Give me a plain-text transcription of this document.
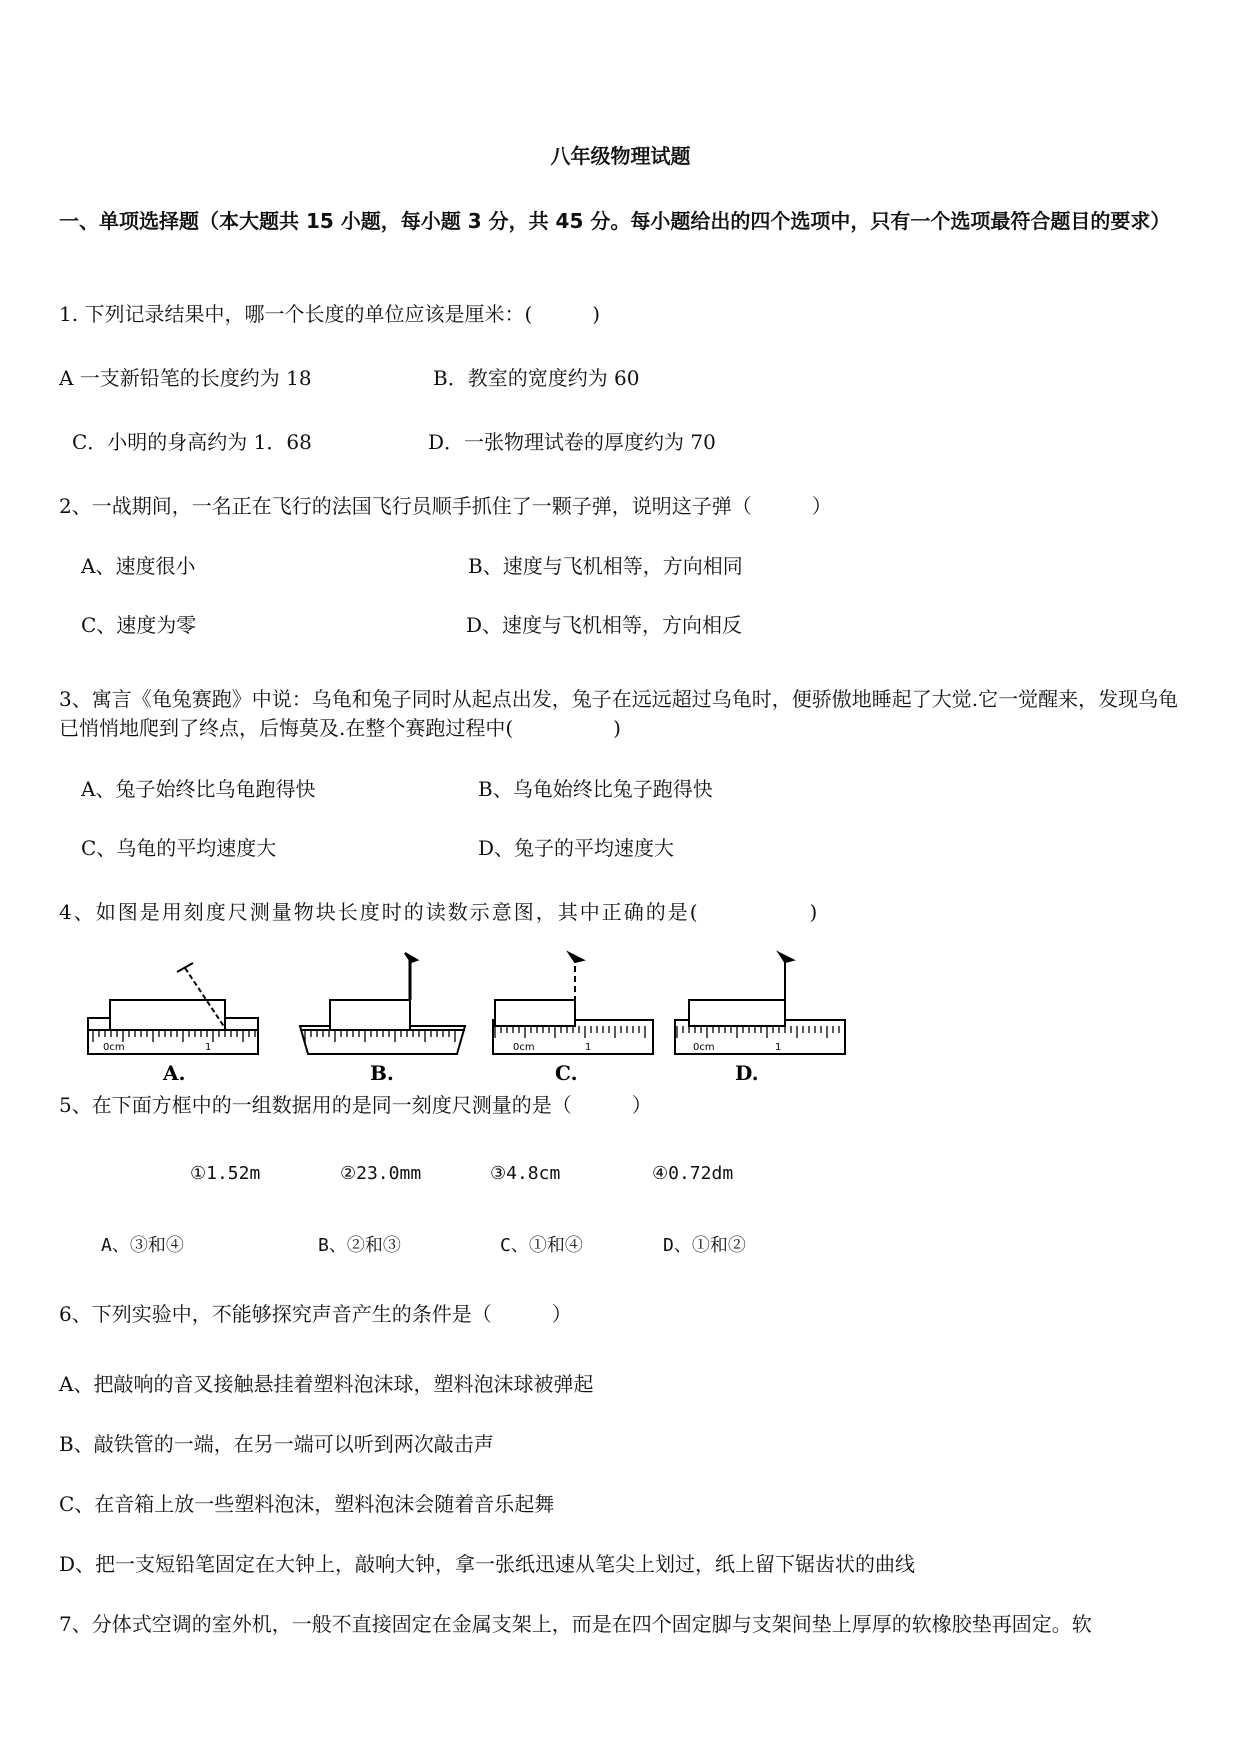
八年级物理试题
一、单项选择题（本大题共 15 小题，每小题 3 分，共 45 分。每小题给出的四个选项中，只有一个选项最符合题目的要求）
1. 下列记录结果中，哪一个长度的单位应该是厘米：(　　　)
A 一支新铅笔的长度约为 18	B．教室的宽度约为 60
C．小明的身高约为 1．68	D．一张物理试卷的厚度约为 70
2、一战期间，一名正在飞行的法国飞行员顺手抓住了一颗子弹，说明这子弹（　　　）
A、速度很小	B、速度与飞机相等，方向相同
C、速度为零	D、速度与飞机相等，方向相反
3、寓言《龟兔赛跑》中说：乌龟和兔子同时从起点出发，兔子在远远超过乌龟时，便骄傲地睡起了大觉.它一觉醒来，发现乌龟已悄悄地爬到了终点，后悔莫及.在整个赛跑过程中(　　　　　)
A、兔子始终比乌龟跑得快	B、乌龟始终比兔子跑得快
C、乌龟的平均速度大	D、兔子的平均速度大
4、如图是用刻度尺测量物块长度时的读数示意图，其中正确的是(　　　　　)
0cm	1	0cm	1	0cm	1
A.	B.	C.	D.
5、在下面方框中的一组数据用的是同一刻度尺测量的是（　　　）
①1.52m	②23.0mm	③4.8cm	④0.72dm
A、③和④	B、②和③	C、①和④	D、①和②
6、下列实验中，不能够探究声音产生的条件是（　　　）
A、把敲响的音叉接触悬挂着塑料泡沫球，塑料泡沫球被弹起
B、敲铁管的一端，在另一端可以听到两次敲击声
C、在音箱上放一些塑料泡沫，塑料泡沫会随着音乐起舞
D、把一支短铅笔固定在大钟上，敲响大钟，拿一张纸迅速从笔尖上划过，纸上留下锯齿状的曲线
7、分体式空调的室外机，一般不直接固定在金属支架上，而是在四个固定脚与支架间垫上厚厚的软橡胶垫再固定。软
